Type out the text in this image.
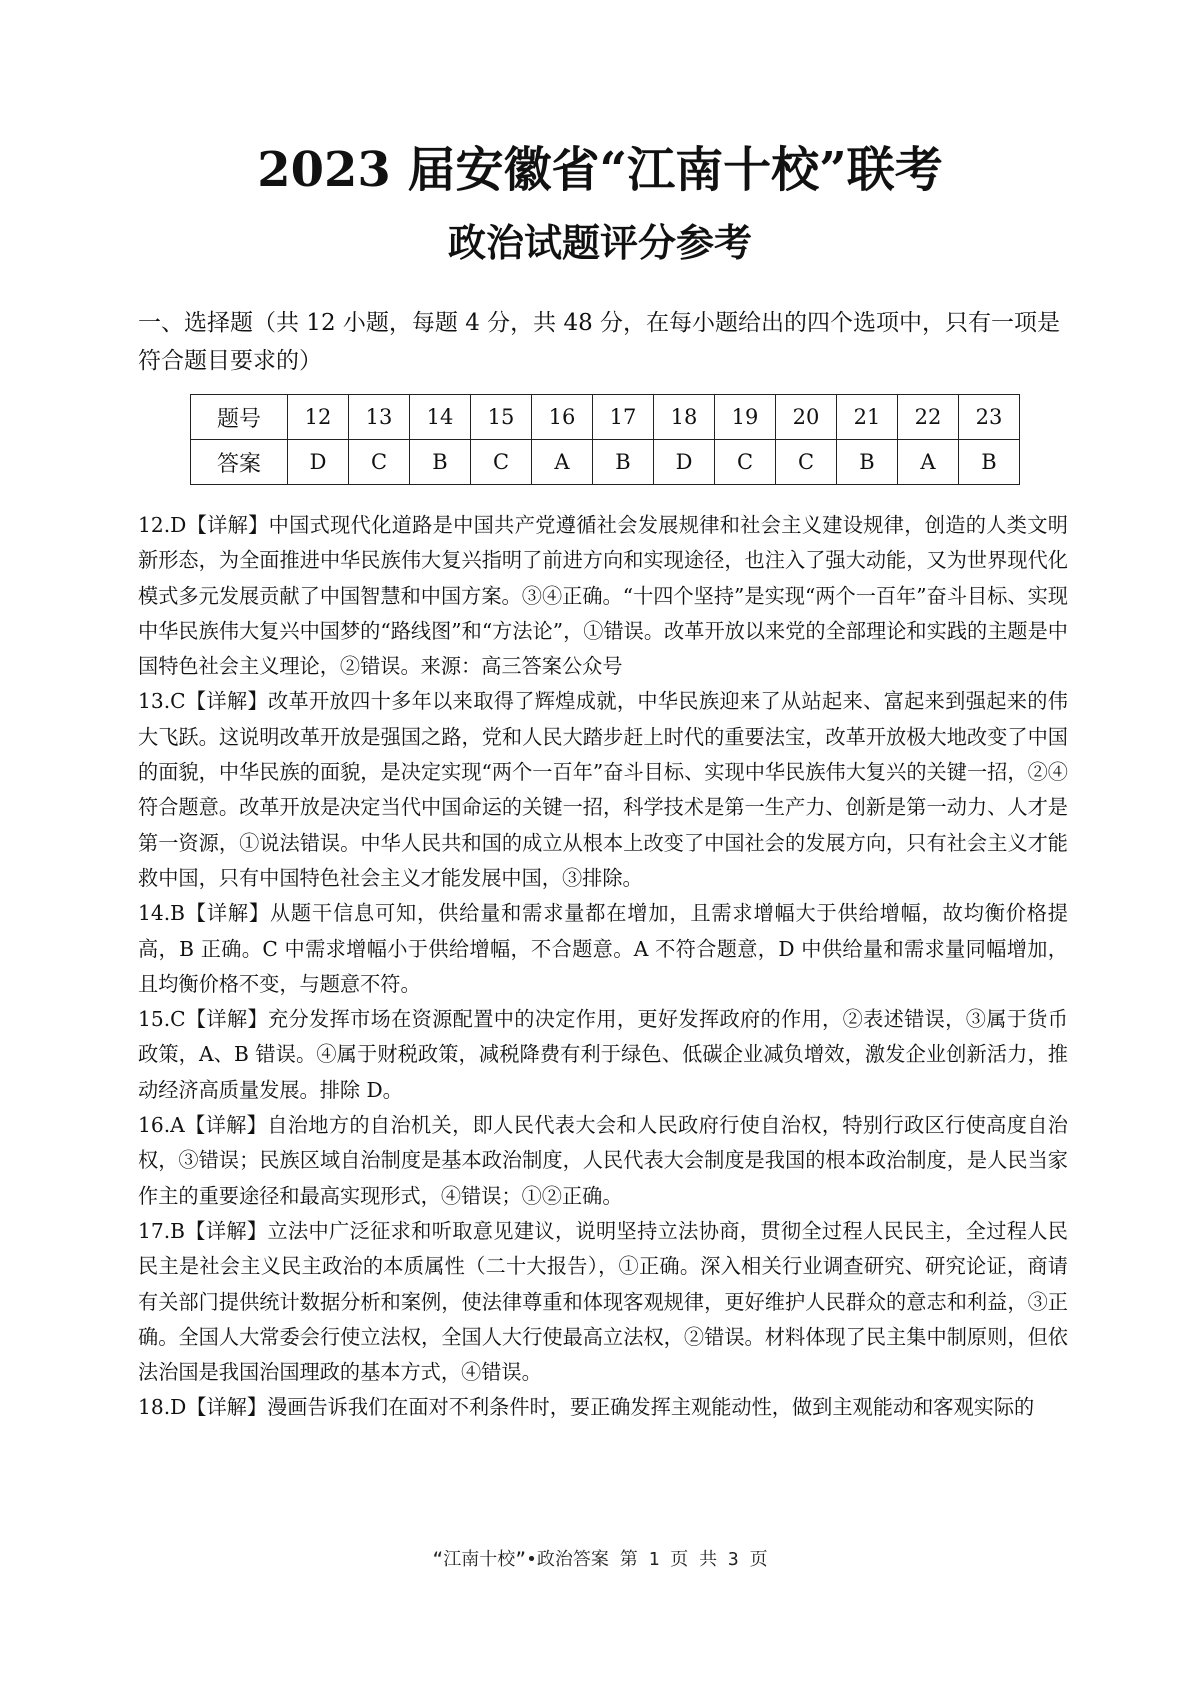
2023 届安徽省“江南十校”联考
政治试题评分参考
一、选择题（共 12 小题，每题 4 分，共 48 分，在每小题给出的四个选项中，只有一项是符合题目要求的）
题号	12	13	14	15	16	17	18	19	20	21	22	23
答案	D	C	B	C	A	B	D	C	C	B	A	B

12.D【详解】中国式现代化道路是中国共产党遵循社会发展规律和社会主义建设规律，创造的人类文明新形态，为全面推进中华民族伟大复兴指明了前进方向和实现途径，也注入了强大动能，又为世界现代化模式多元发展贡献了中国智慧和中国方案。③④正确。“十四个坚持”是实现“两个一百年”奋斗目标、实现中华民族伟大复兴中国梦的“路线图”和“方法论”，①错误。改革开放以来党的全部理论和实践的主题是中国特色社会主义理论，②错误。来源：高三答案公众号

13.C【详解】改革开放四十多年以来取得了辉煌成就，中华民族迎来了从站起来、富起来到强起来的伟大飞跃。这说明改革开放是强国之路，党和人民大踏步赶上时代的重要法宝，改革开放极大地改变了中国的面貌，中华民族的面貌，是决定实现“两个一百年”奋斗目标、实现中华民族伟大复兴的关键一招，②④符合题意。改革开放是决定当代中国命运的关键一招，科学技术是第一生产力、创新是第一动力、人才是第一资源，①说法错误。中华人民共和国的成立从根本上改变了中国社会的发展方向，只有社会主义才能救中国，只有中国特色社会主义才能发展中国，③排除。

14.B【详解】从题干信息可知，供给量和需求量都在增加，且需求增幅大于供给增幅，故均衡价格提高，B 正确。C 中需求增幅小于供给增幅，不合题意。A 不符合题意，D 中供给量和需求量同幅增加，且均衡价格不变，与题意不符。

15.C【详解】充分发挥市场在资源配置中的决定作用，更好发挥政府的作用，②表述错误，③属于货币政策，A、B 错误。④属于财税政策，减税降费有利于绿色、低碳企业减负增效，激发企业创新活力，推动经济高质量发展。排除 D。

16.A【详解】自治地方的自治机关，即人民代表大会和人民政府行使自治权，特别行政区行使高度自治权，③错误；民族区域自治制度是基本政治制度，人民代表大会制度是我国的根本政治制度，是人民当家作主的重要途径和最高实现形式，④错误；①②正确。

17.B【详解】立法中广泛征求和听取意见建议，说明坚持立法协商，贯彻全过程人民民主，全过程人民民主是社会主义民主政治的本质属性（二十大报告），①正确。深入相关行业调查研究、研究论证，商请有关部门提供统计数据分析和案例，使法律尊重和体现客观规律，更好维护人民群众的意志和利益，③正确。全国人大常委会行使立法权，全国人大行使最高立法权，②错误。材料体现了民主集中制原则，但依法治国是我国治国理政的基本方式，④错误。

18.D【详解】漫画告诉我们在面对不利条件时，要正确发挥主观能动性，做到主观能动和客观实际的

“江南十校”•政治答案 第 1 页 共 3 页
